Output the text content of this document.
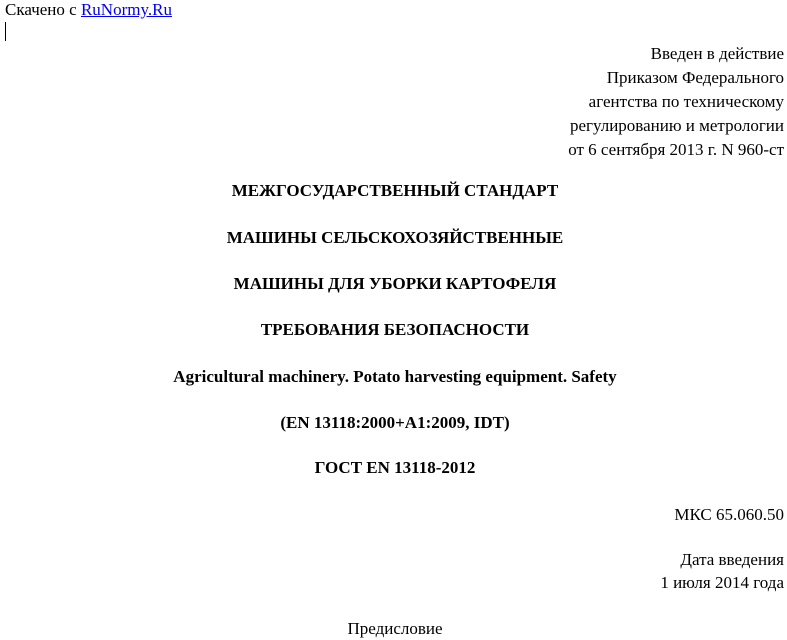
Скачено с RuNormy.Ru
Введен в действие
Приказом Федерального
агентства по техническому
регулированию и метрологии
от 6 сентября 2013 г. N 960-ст
МЕЖГОСУДАРСТВЕННЫЙ СТАНДАРТ
МАШИНЫ СЕЛЬСКОХОЗЯЙСТВЕННЫЕ
МАШИНЫ ДЛЯ УБОРКИ КАРТОФЕЛЯ
ТРЕБОВАНИЯ БЕЗОПАСНОСТИ
Agricultural machinery. Potato harvesting equipment. Safety
(EN 13118:2000+A1:2009, IDT)
ГОСТ EN 13118-2012
МКС 65.060.50
Дата введения
1 июля 2014 года
Предисловие
